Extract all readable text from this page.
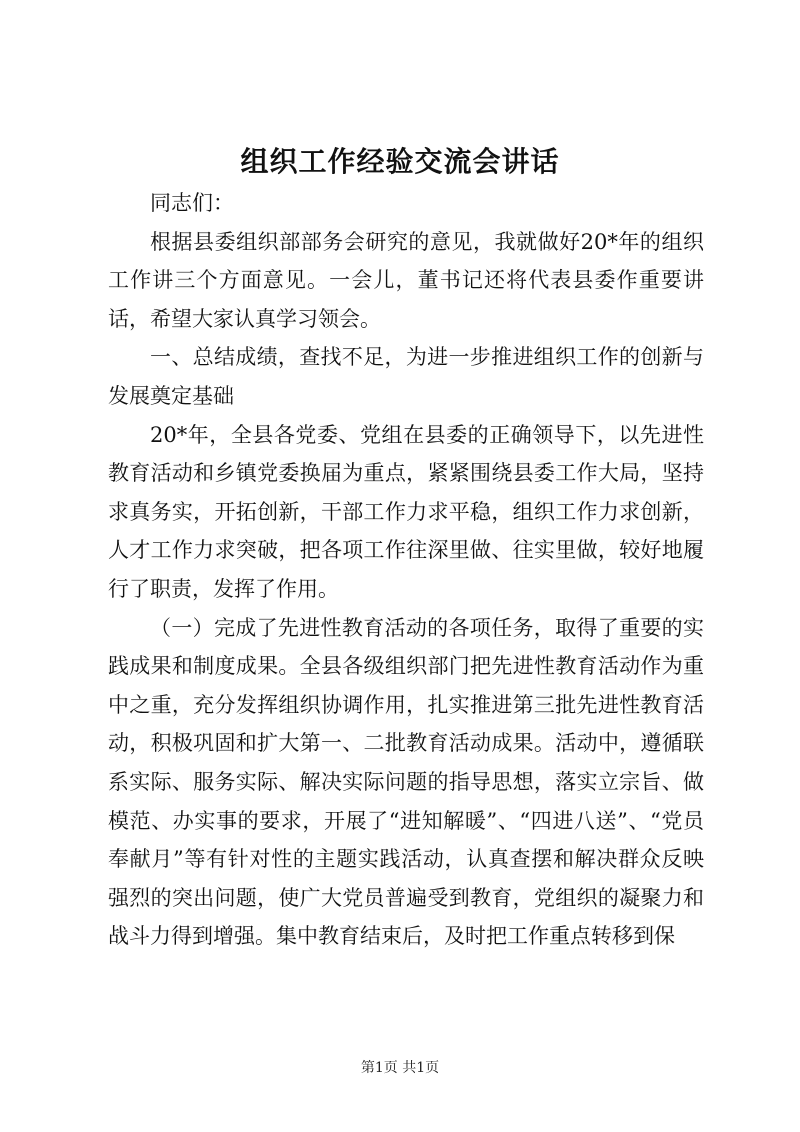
组织工作经验交流会讲话

同志们：

根据县委组织部部务会研究的意见，我就做好20*年的组织工作讲三个方面意见。一会儿，董书记还将代表县委作重要讲话，希望大家认真学习领会。

一、总结成绩，查找不足，为进一步推进组织工作的创新与发展奠定基础

20*年，全县各党委、党组在县委的正确领导下，以先进性教育活动和乡镇党委换届为重点，紧紧围绕县委工作大局，坚持求真务实，开拓创新，干部工作力求平稳，组织工作力求创新，人才工作力求突破，把各项工作往深里做、往实里做，较好地履行了职责，发挥了作用。

（一）完成了先进性教育活动的各项任务，取得了重要的实践成果和制度成果。全县各级组织部门把先进性教育活动作为重中之重，充分发挥组织协调作用，扎实推进第三批先进性教育活动，积极巩固和扩大第一、二批教育活动成果。活动中，遵循联系实际、服务实际、解决实际问题的指导思想，落实立宗旨、做模范、办实事的要求，开展了“进知解暖”、“四进八送”、“党员奉献月”等有针对性的主题实践活动，认真查摆和解决群众反映强烈的突出问题，使广大党员普遍受到教育，党组织的凝聚力和战斗力得到增强。集中教育结束后，及时把工作重点转移到保

第1页 共1页
